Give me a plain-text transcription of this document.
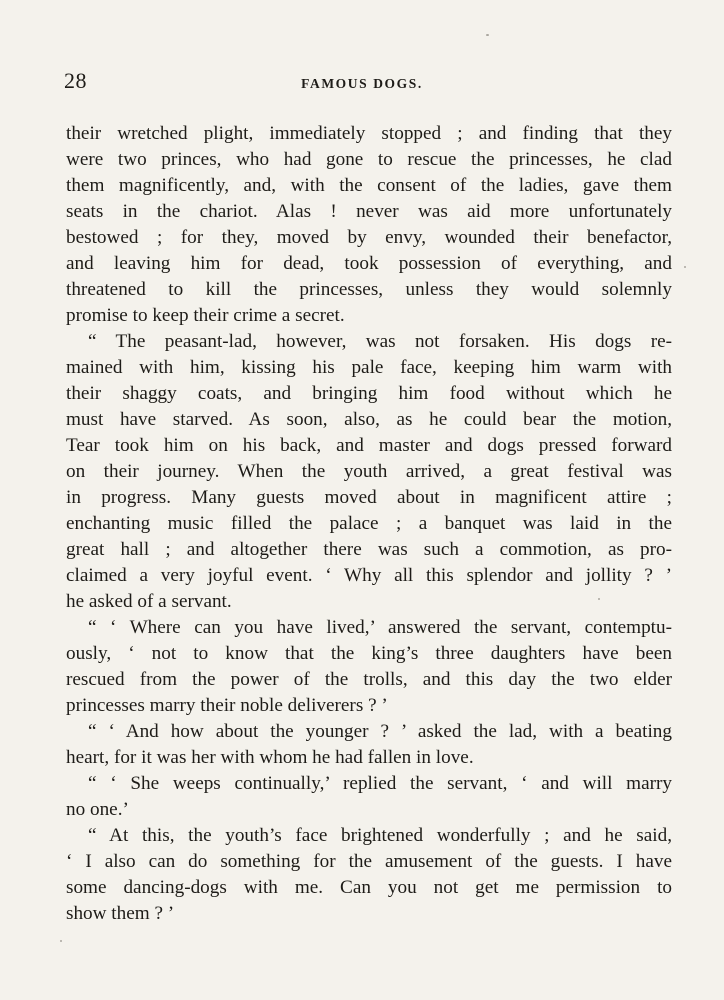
28	FAMOUS DOGS.
their wretched plight, immediately stopped ; and finding that they
were two princes, who had gone to rescue the princesses, he clad
them magnificently, and, with the consent of the ladies, gave them
seats in the chariot. Alas ! never was aid more unfortunately
bestowed ; for they, moved by envy, wounded their benefactor,
and leaving him for dead, took possession of everything, and
threatened to kill the princesses, unless they would solemnly
promise to keep their crime a secret.
“ The peasant-lad, however, was not forsaken. His dogs re-
mained with him, kissing his pale face, keeping him warm with
their shaggy coats, and bringing him food without which he
must have starved. As soon, also, as he could bear the motion,
Tear took him on his back, and master and dogs pressed forward
on their journey. When the youth arrived, a great festival was
in progress. Many guests moved about in magnificent attire ;
enchanting music filled the palace ; a banquet was laid in the
great hall ; and altogether there was such a commotion, as pro-
claimed a very joyful event. ‘ Why all this splendor and jollity ? ’
he asked of a servant.
“ ‘ Where can you have lived,’ answered the servant, contemptu-
ously, ‘ not to know that the king’s three daughters have been
rescued from the power of the trolls, and this day the two elder
princesses marry their noble deliverers ? ’
“ ‘ And how about the younger ? ’ asked the lad, with a beating
heart, for it was her with whom he had fallen in love.
“ ‘ She weeps continually,’ replied the servant, ‘ and will marry
no one.’
“ At this, the youth’s face brightened wonderfully ; and he said,
‘ I also can do something for the amusement of the guests. I have
some dancing-dogs with me. Can you not get me permission to
show them ? ’
